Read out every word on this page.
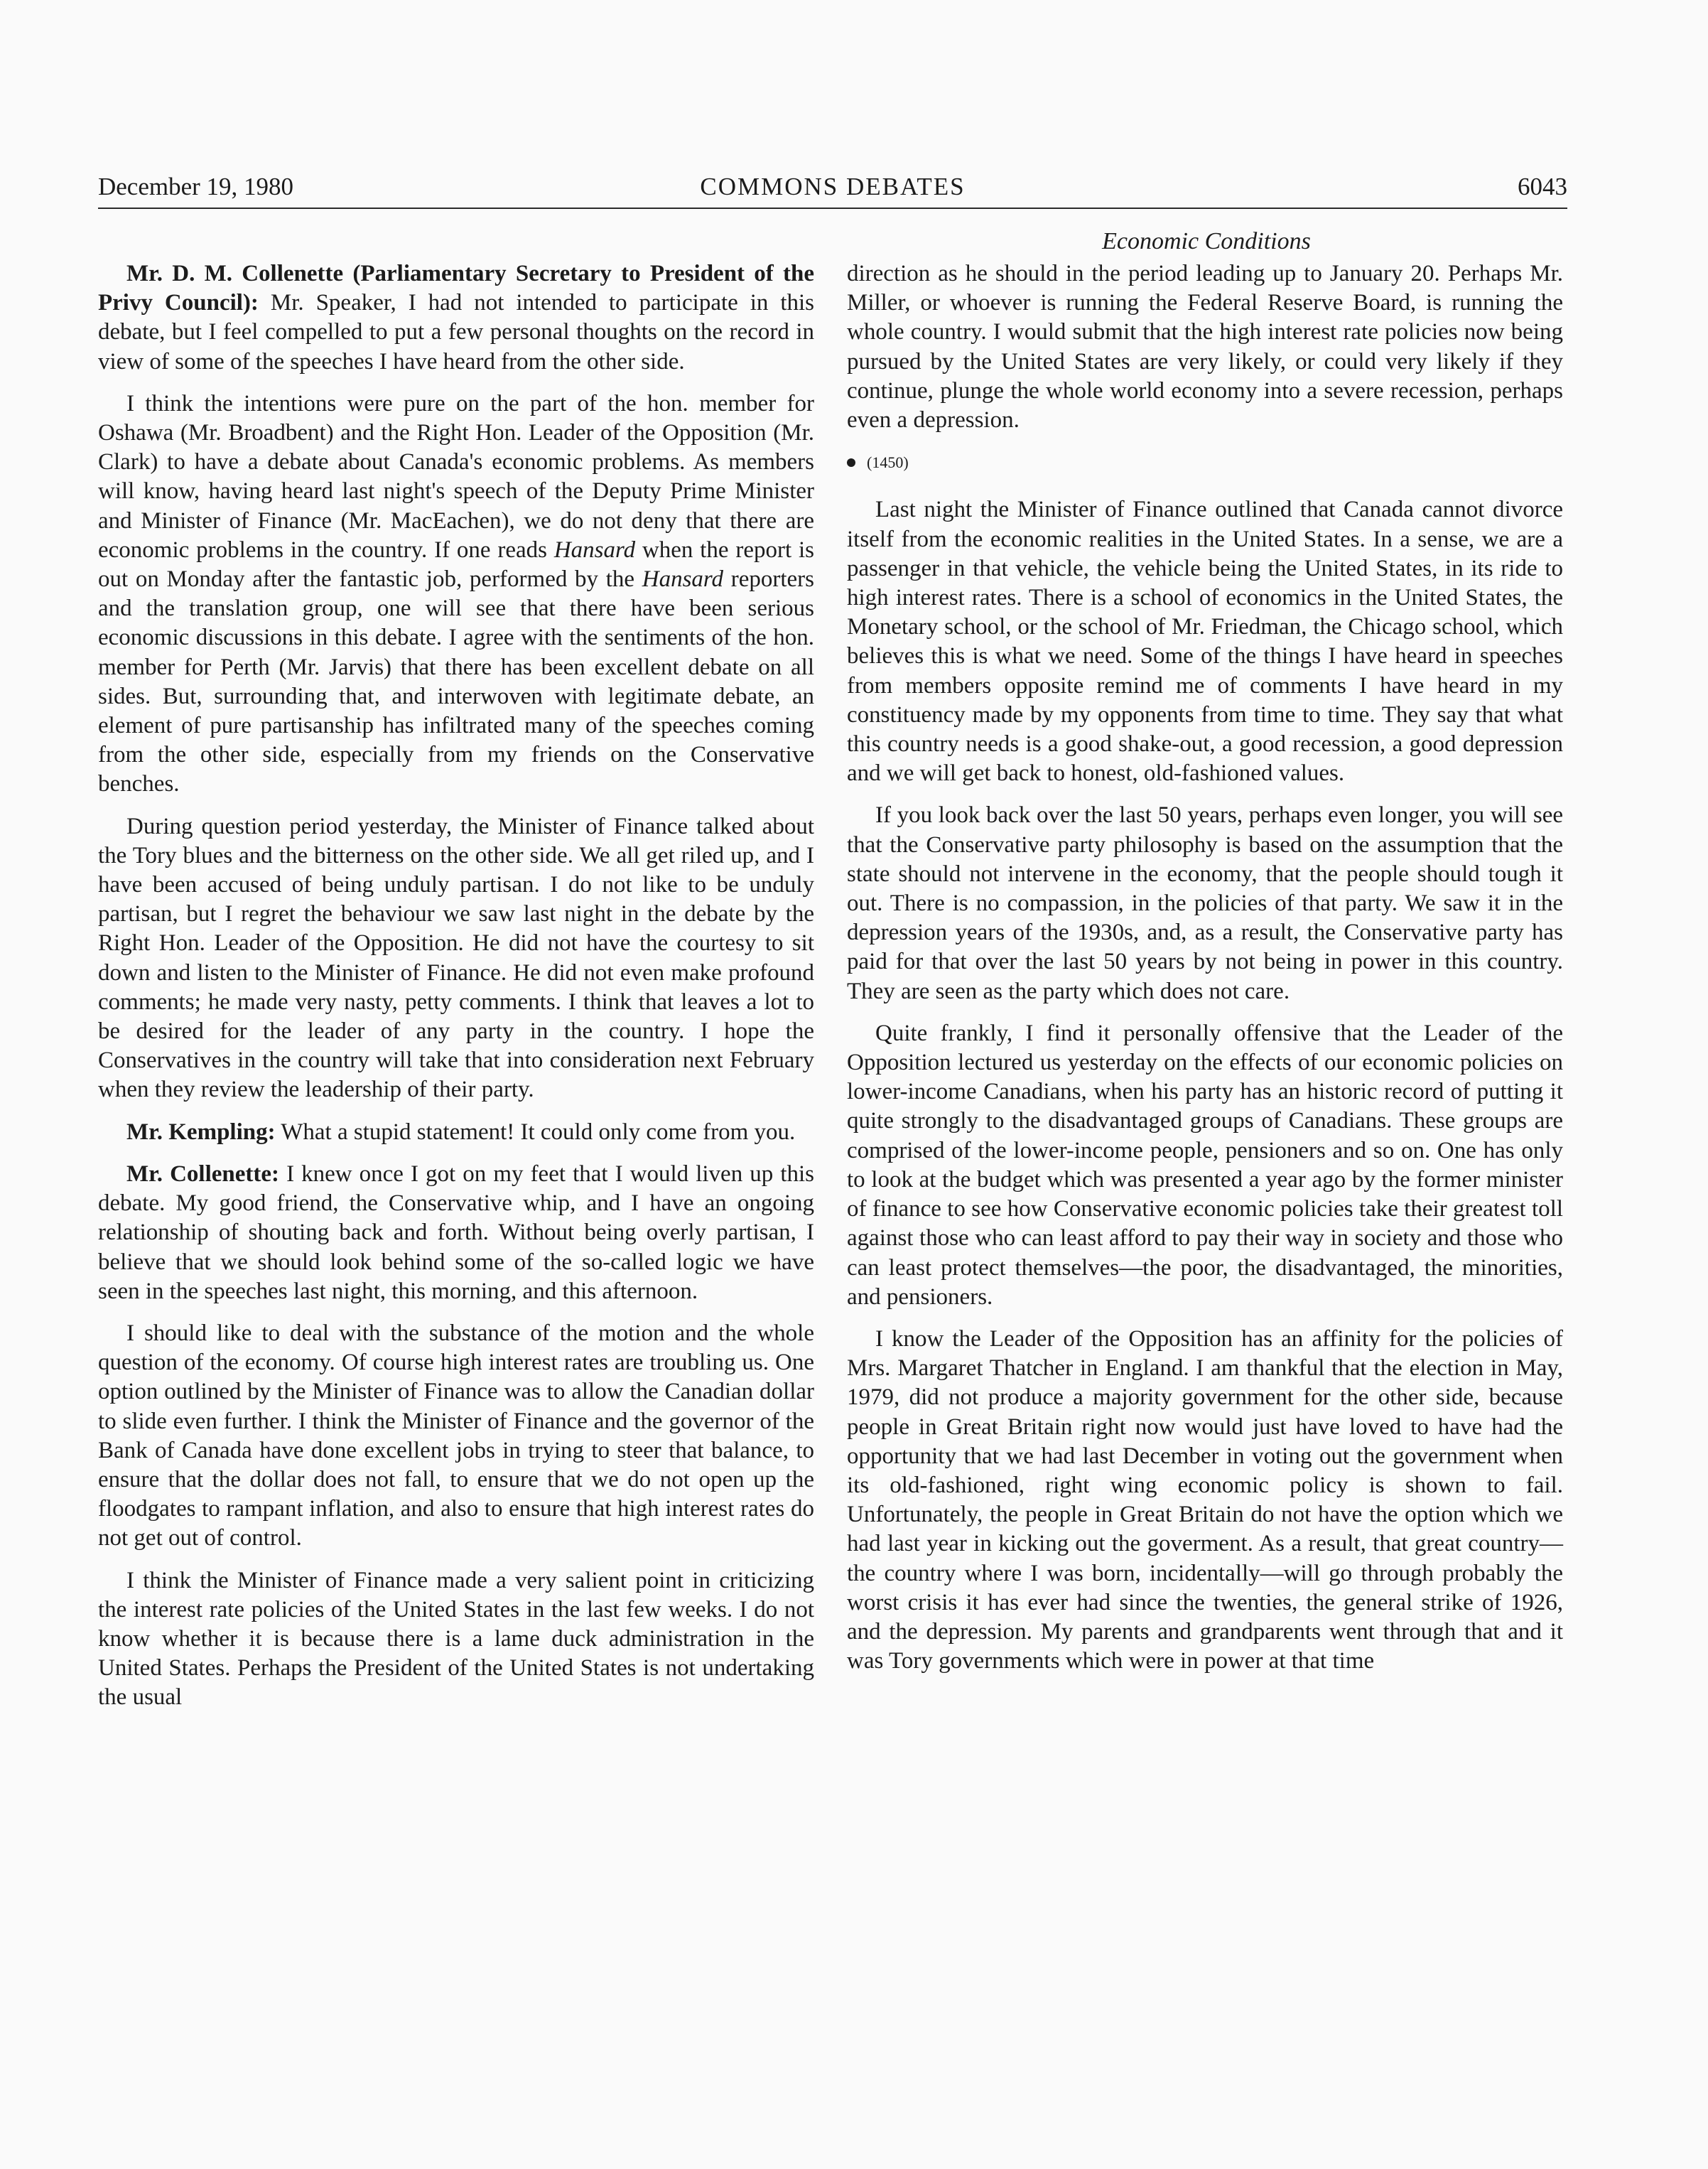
December 19, 1980	COMMONS DEBATES	6043
Economic Conditions

Mr. D. M. Collenette (Parliamentary Secretary to President of the Privy Council): Mr. Speaker, I had not intended to participate in this debate, but I feel compelled to put a few personal thoughts on the record in view of some of the speeches I have heard from the other side.

I think the intentions were pure on the part of the hon. member for Oshawa (Mr. Broadbent) and the Right Hon. Leader of the Opposition (Mr. Clark) to have a debate about Canada's economic problems. As members will know, having heard last night's speech of the Deputy Prime Minister and Minister of Finance (Mr. MacEachen), we do not deny that there are economic problems in the country. If one reads Hansard when the report is out on Monday after the fantastic job, performed by the Hansard reporters and the translation group, one will see that there have been serious economic discussions in this debate. I agree with the sentiments of the hon. member for Perth (Mr. Jarvis) that there has been excellent debate on all sides. But, surrounding that, and interwoven with legitimate debate, an element of pure partisanship has infiltrated many of the speeches coming from the other side, especially from my friends on the Conservative benches.

During question period yesterday, the Minister of Finance talked about the Tory blues and the bitterness on the other side. We all get riled up, and I have been accused of being unduly partisan. I do not like to be unduly partisan, but I regret the behaviour we saw last night in the debate by the Right Hon. Leader of the Opposition. He did not have the courtesy to sit down and listen to the Minister of Finance. He did not even make profound comments; he made very nasty, petty comments. I think that leaves a lot to be desired for the leader of any party in the country. I hope the Conservatives in the country will take that into consideration next February when they review the leadership of their party.

Mr. Kempling: What a stupid statement! It could only come from you.

Mr. Collenette: I knew once I got on my feet that I would liven up this debate. My good friend, the Conservative whip, and I have an ongoing relationship of shouting back and forth. Without being overly partisan, I believe that we should look behind some of the so-called logic we have seen in the speeches last night, this morning, and this afternoon.

I should like to deal with the substance of the motion and the whole question of the economy. Of course high interest rates are troubling us. One option outlined by the Minister of Finance was to allow the Canadian dollar to slide even further. I think the Minister of Finance and the governor of the Bank of Canada have done excellent jobs in trying to steer that balance, to ensure that the dollar does not fall, to ensure that we do not open up the floodgates to rampant inflation, and also to ensure that high interest rates do not get out of control.

I think the Minister of Finance made a very salient point in criticizing the interest rate policies of the United States in the last few weeks. I do not know whether it is because there is a lame duck administration in the United States. Perhaps the President of the United States is not undertaking the usual

direction as he should in the period leading up to January 20. Perhaps Mr. Miller, or whoever is running the Federal Reserve Board, is running the whole country. I would submit that the high interest rate policies now being pursued by the United States are very likely, or could very likely if they continue, plunge the whole world economy into a severe recession, perhaps even a depression.

(1450)

Last night the Minister of Finance outlined that Canada cannot divorce itself from the economic realities in the United States. In a sense, we are a passenger in that vehicle, the vehicle being the United States, in its ride to high interest rates. There is a school of economics in the United States, the Monetary school, or the school of Mr. Friedman, the Chicago school, which believes this is what we need. Some of the things I have heard in speeches from members opposite remind me of comments I have heard in my constituency made by my opponents from time to time. They say that what this country needs is a good shake-out, a good recession, a good depression and we will get back to honest, old-fashioned values.

If you look back over the last 50 years, perhaps even longer, you will see that the Conservative party philosophy is based on the assumption that the state should not intervene in the economy, that the people should tough it out. There is no compassion, in the policies of that party. We saw it in the depression years of the 1930s, and, as a result, the Conservative party has paid for that over the last 50 years by not being in power in this country. They are seen as the party which does not care.

Quite frankly, I find it personally offensive that the Leader of the Opposition lectured us yesterday on the effects of our economic policies on lower-income Canadians, when his party has an historic record of putting it quite strongly to the disadvantaged groups of Canadians. These groups are comprised of the lower-income people, pensioners and so on. One has only to look at the budget which was presented a year ago by the former minister of finance to see how Conservative economic policies take their greatest toll against those who can least afford to pay their way in society and those who can least protect themselves—the poor, the disadvantaged, the minorities, and pensioners.

I know the Leader of the Opposition has an affinity for the policies of Mrs. Margaret Thatcher in England. I am thankful that the election in May, 1979, did not produce a majority government for the other side, because people in Great Britain right now would just have loved to have had the opportunity that we had last December in voting out the government when its old-fashioned, right wing economic policy is shown to fail. Unfortunately, the people in Great Britain do not have the option which we had last year in kicking out the goverment. As a result, that great country—the country where I was born, incidentally—will go through probably the worst crisis it has ever had since the twenties, the general strike of 1926, and the depression. My parents and grandparents went through that and it was Tory governments which were in power at that time
